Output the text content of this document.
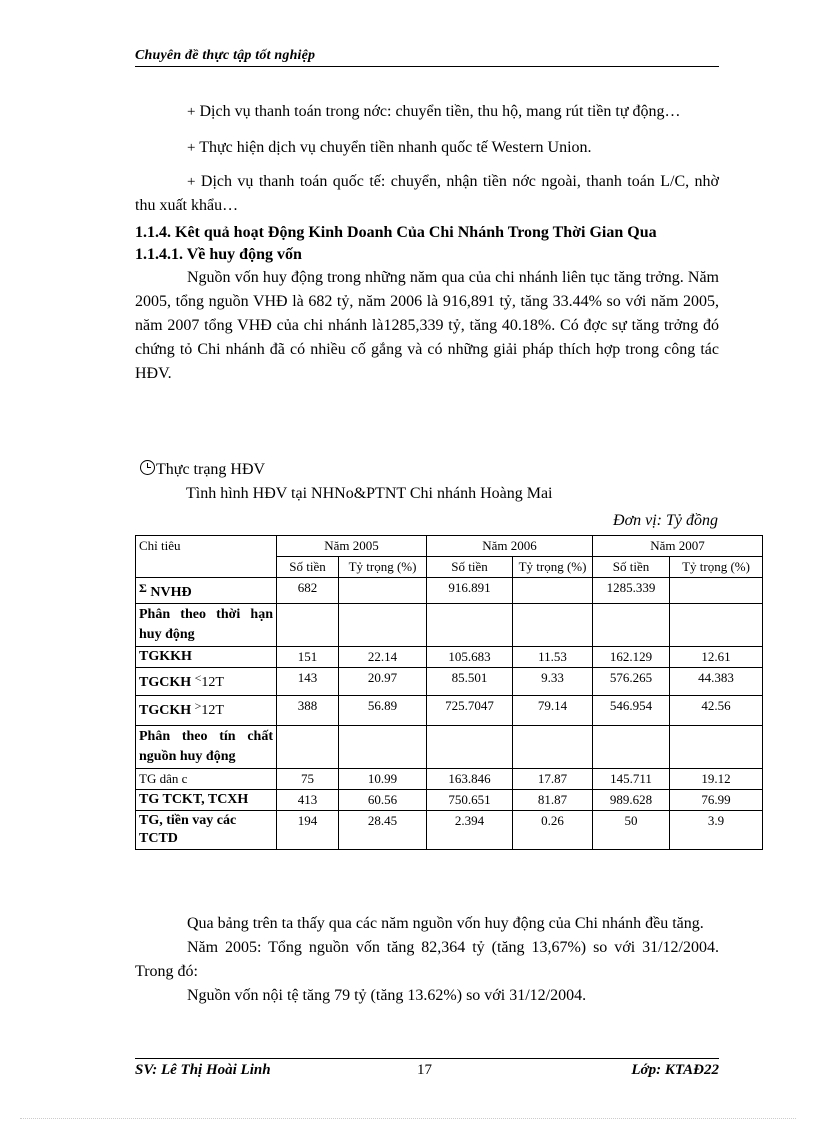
Chuyên đề thực tập tốt nghiệp

+ Dịch vụ thanh toán trong nớc: chuyển tiền, thu hộ, mang rút tiền tự động…

+ Thực hiện dịch vụ chuyển tiền nhanh quốc tế Western Union.

+ Dịch vụ thanh toán quốc tế: chuyển, nhận tiền nớc ngoài, thanh toán L/C, nhờ thu xuất khẩu…

1.1.4. Kêt quả hoạt Động Kinh Doanh Của Chi Nhánh Trong Thời Gian Qua

1.1.4.1. Về huy động vốn

Nguồn vốn huy động trong những năm qua của chi nhánh liên tục tăng trởng. Năm 2005, tổng nguồn VHĐ là 682 tỷ, năm 2006 là 916,891 tỷ, tăng 33.44% so với năm 2005, năm 2007 tổng VHĐ của chi nhánh là1285,339 tỷ, tăng 40.18%. Có đợc sự tăng trởng đó chứng tỏ Chi nhánh đã có nhiều cố gắng và có những giải pháp thích hợp trong công tác HĐV.

Thực trạng HĐV
Tình hình HĐV tại NHNo&PTNT Chi nhánh Hoàng Mai
Đơn vị: Tỷ đồng
Chỉ tiêu	Năm 2005		Năm 2006		Năm 2007	
	Số tiền	Tỷ trọng (%)	Số tiền	Tỷ trọng (%)	Số tiền	Tỷ trọng (%)
Σ NVHĐ	682		916.891		1285.339	
Phân theo thời hạn huy động						
TGKKH	151	22.14	105.683	11.53	162.129	12.61
TGCKH <12T	143	20.97	85.501	9.33	576.265	44.383
TGCKH >12T	388	56.89	725.7047	79.14	546.954	42.56
Phân theo tín chất nguồn huy động						
TG dân c	75	10.99	163.846	17.87	145.711	19.12
TG TCKT, TCXH	413	60.56	750.651	81.87	989.628	76.99
TG, tiền vay các TCTD	194	28.45	2.394	0.26	50	3.9

Qua bảng trên ta thấy qua các năm nguồn vốn huy động của Chi nhánh đều tăng.

Năm 2005: Tổng nguồn vốn tăng 82,364 tỷ (tăng 13,67%) so với 31/12/2004. Trong đó:

Nguồn vốn nội tệ tăng 79 tỷ (tăng 13.62%) so với 31/12/2004.

SV: Lê Thị Hoài Linh	17	Lớp: KTAĐ22
